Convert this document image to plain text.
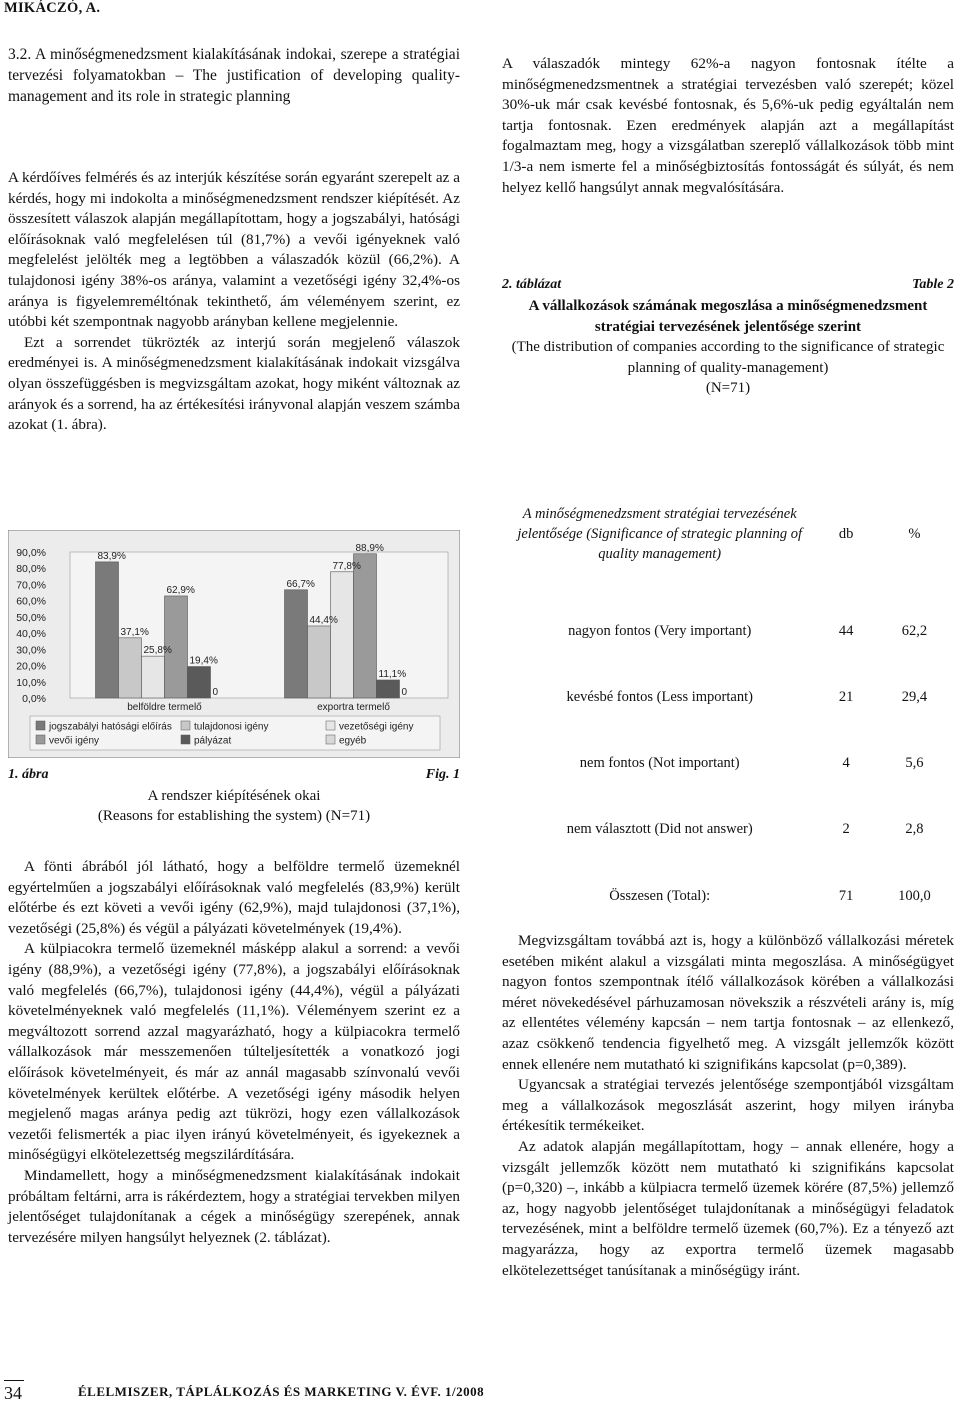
MIKÁCZÓ, A.
3.2. A minőségmenedzsment kialakításának indokai, szerepe a stratégiai tervezési folyamatokban – The justification of developing quality-management and its role in strategic planning

A kérdőíves felmérés és az interjúk készítése során egyaránt szerepelt az a kérdés, hogy mi indokolta a minőségmenedzsment rendszer kiépítését. Az összesített válaszok alapján megállapítottam, hogy a jogszabályi, hatósági előírásoknak való megfelelésen túl (81,7%) a vevői igényeknek való megfelelést jelölték meg a legtöbben a válaszadók közül (66,2%). A tulajdonosi igény 38%-os aránya, valamint a vezetőségi igény 32,4%-os aránya is figyelemreméltónak tekinthető, ám véleményem szerint, ez utóbbi két szempontnak nagyobb arányban kellene megjelennie.

Ezt a sorrendet tükrözték az interjú során megjelenő válaszok eredményei is. A minőségmenedzsment kialakításának indokait vizsgálva olyan összefüggésben is megvizsgáltam azokat, hogy miként változnak az arányok és a sorrend, ha az értékesítési irányvonal alapján veszem számba azokat (1. ábra).

0,0%
10,0%
20,0%
30,0%
40,0%
50,0%
60,0%
70,0%
80,0%
90,0%	83,9%
37,1%
25,8%
62,9%
19,4%
0
66,7%
44,4%
77,8%
88,9%
11,1%
0
belföldre termelő	exportra termelő
jogszabályi hatósági előírás tulajdonosi igény	vezetőségi igény
vevői igény	pályázat	egyéb
1. ábra	Fig. 1
A rendszer kiépítésének okai
(Reasons for establishing the system) (N=71)

A fönti ábrából jól látható, hogy a belföldre termelő üzemeknél egyértelműen a jogszabályi előírásoknak való megfelelés (83,9%) került előtérbe és ezt követi a vevői igény (62,9%), majd tulajdonosi (37,1%), vezetőségi (25,8%) és végül a pályázati követelmények (19,4%).

A külpiacokra termelő üzemeknél másképp alakul a sorrend: a vevői igény (88,9%), a vezetőségi igény (77,8%), a jogszabályi előírásoknak való megfelelés (66,7%), tulajdonosi igény (44,4%), végül a pályázati követelményeknek való megfelelés (11,1%). Véleményem szerint ez a megváltozott sorrend azzal magyarázható, hogy a külpiacokra termelő vállalkozások már messzemenően túlteljesítették a vonatkozó jogi előírások követelményeit, és már az annál magasabb színvonalú vevői követelmények kerültek előtérbe. A vezetőségi igény második helyen megjelenő magas aránya pedig azt tükrözi, hogy ezen vállalkozások vezetői felismerték a piac ilyen irányú követelményeit, és igyekeznek a minőségügyi elkötelezettség megszilárdítására.

Mindamellett, hogy a minőségmenedzsment kialakításának indokait próbáltam feltárni, arra is rákérdeztem, hogy a stratégiai tervekben milyen jelentőséget tulajdonítanak a cégek a minőségügy szerepének, annak tervezésére milyen hangsúlyt helyeznek (2. táblázat).

A válaszadók mintegy 62%-a nagyon fontosnak ítélte a minőségmenedzsmentnek a stratégiai tervezésben való szerepét; közel 30%-uk már csak kevésbé fontosnak, és 5,6%-uk pedig egyáltalán nem tartja fontosnak. Ezen eredmények alapján azt a megállapítást fogalmaztam meg, hogy a vizsgálatban szereplő vállalkozások több mint 1/3-a nem ismerte fel a minőségbiztosítás fontosságát és súlyát, és nem helyez kellő hangsúlyt annak megvalósítására.

2. táblázat	Table 2
A vállalkozások számának megoszlása a minőségmenedzsment stratégiai tervezésének jelentősége szerint
(The distribution of companies according to the significance of strategic planning of quality-management)
(N=71)
A minőségmenedzsment stratégiai tervezésének jelentősége (Significance of strategic planning of quality management)	db	%
nagyon fontos (Very important)	44	62,2
kevésbé fontos (Less important)	21	29,4
nem fontos (Not important)	4	5,6
nem választott (Did not answer)	2	2,8
Összesen (Total):	71	100,0

Megvizsgáltam továbbá azt is, hogy a különböző vállalkozási méretek esetében miként alakul a vizsgálati minta megoszlása. A minőségügyet nagyon fontos szempontnak ítélő vállalkozások körében a vállalkozási méret növekedésével párhuzamosan növekszik a részvételi arány is, míg az ellentétes vélemény kapcsán – nem tartja fontosnak – az ellenkező, azaz csökkenő tendencia figyelhető meg. A vizsgált jellemzők között ennek ellenére nem mutatható ki szignifikáns kapcsolat (p=0,389).

Ugyancsak a stratégiai tervezés jelentősége szempontjából vizsgáltam meg a vállalkozások megoszlását aszerint, hogy milyen irányba értékesítik termékeiket.

Az adatok alapján megállapítottam, hogy – annak ellenére, hogy a vizsgált jellemzők között nem mutatható ki szignifikáns kapcsolat (p=0,320) –, inkább a külpiacra termelő üzemek körére (87,5%) jellemző az, hogy nagyobb jelentőséget tulajdonítanak a minőségügyi feladatok tervezésének, mint a belföldre termelő üzemek (60,7%). Ez a tényező azt magyarázza, hogy az exportra termelő üzemek magasabb elkötelezettséget tanúsítanak a minőségügy iránt.

34	ÉLELMISZER, TÁPLÁLKOZÁS ÉS MARKETING V. ÉVF. 1/2008
